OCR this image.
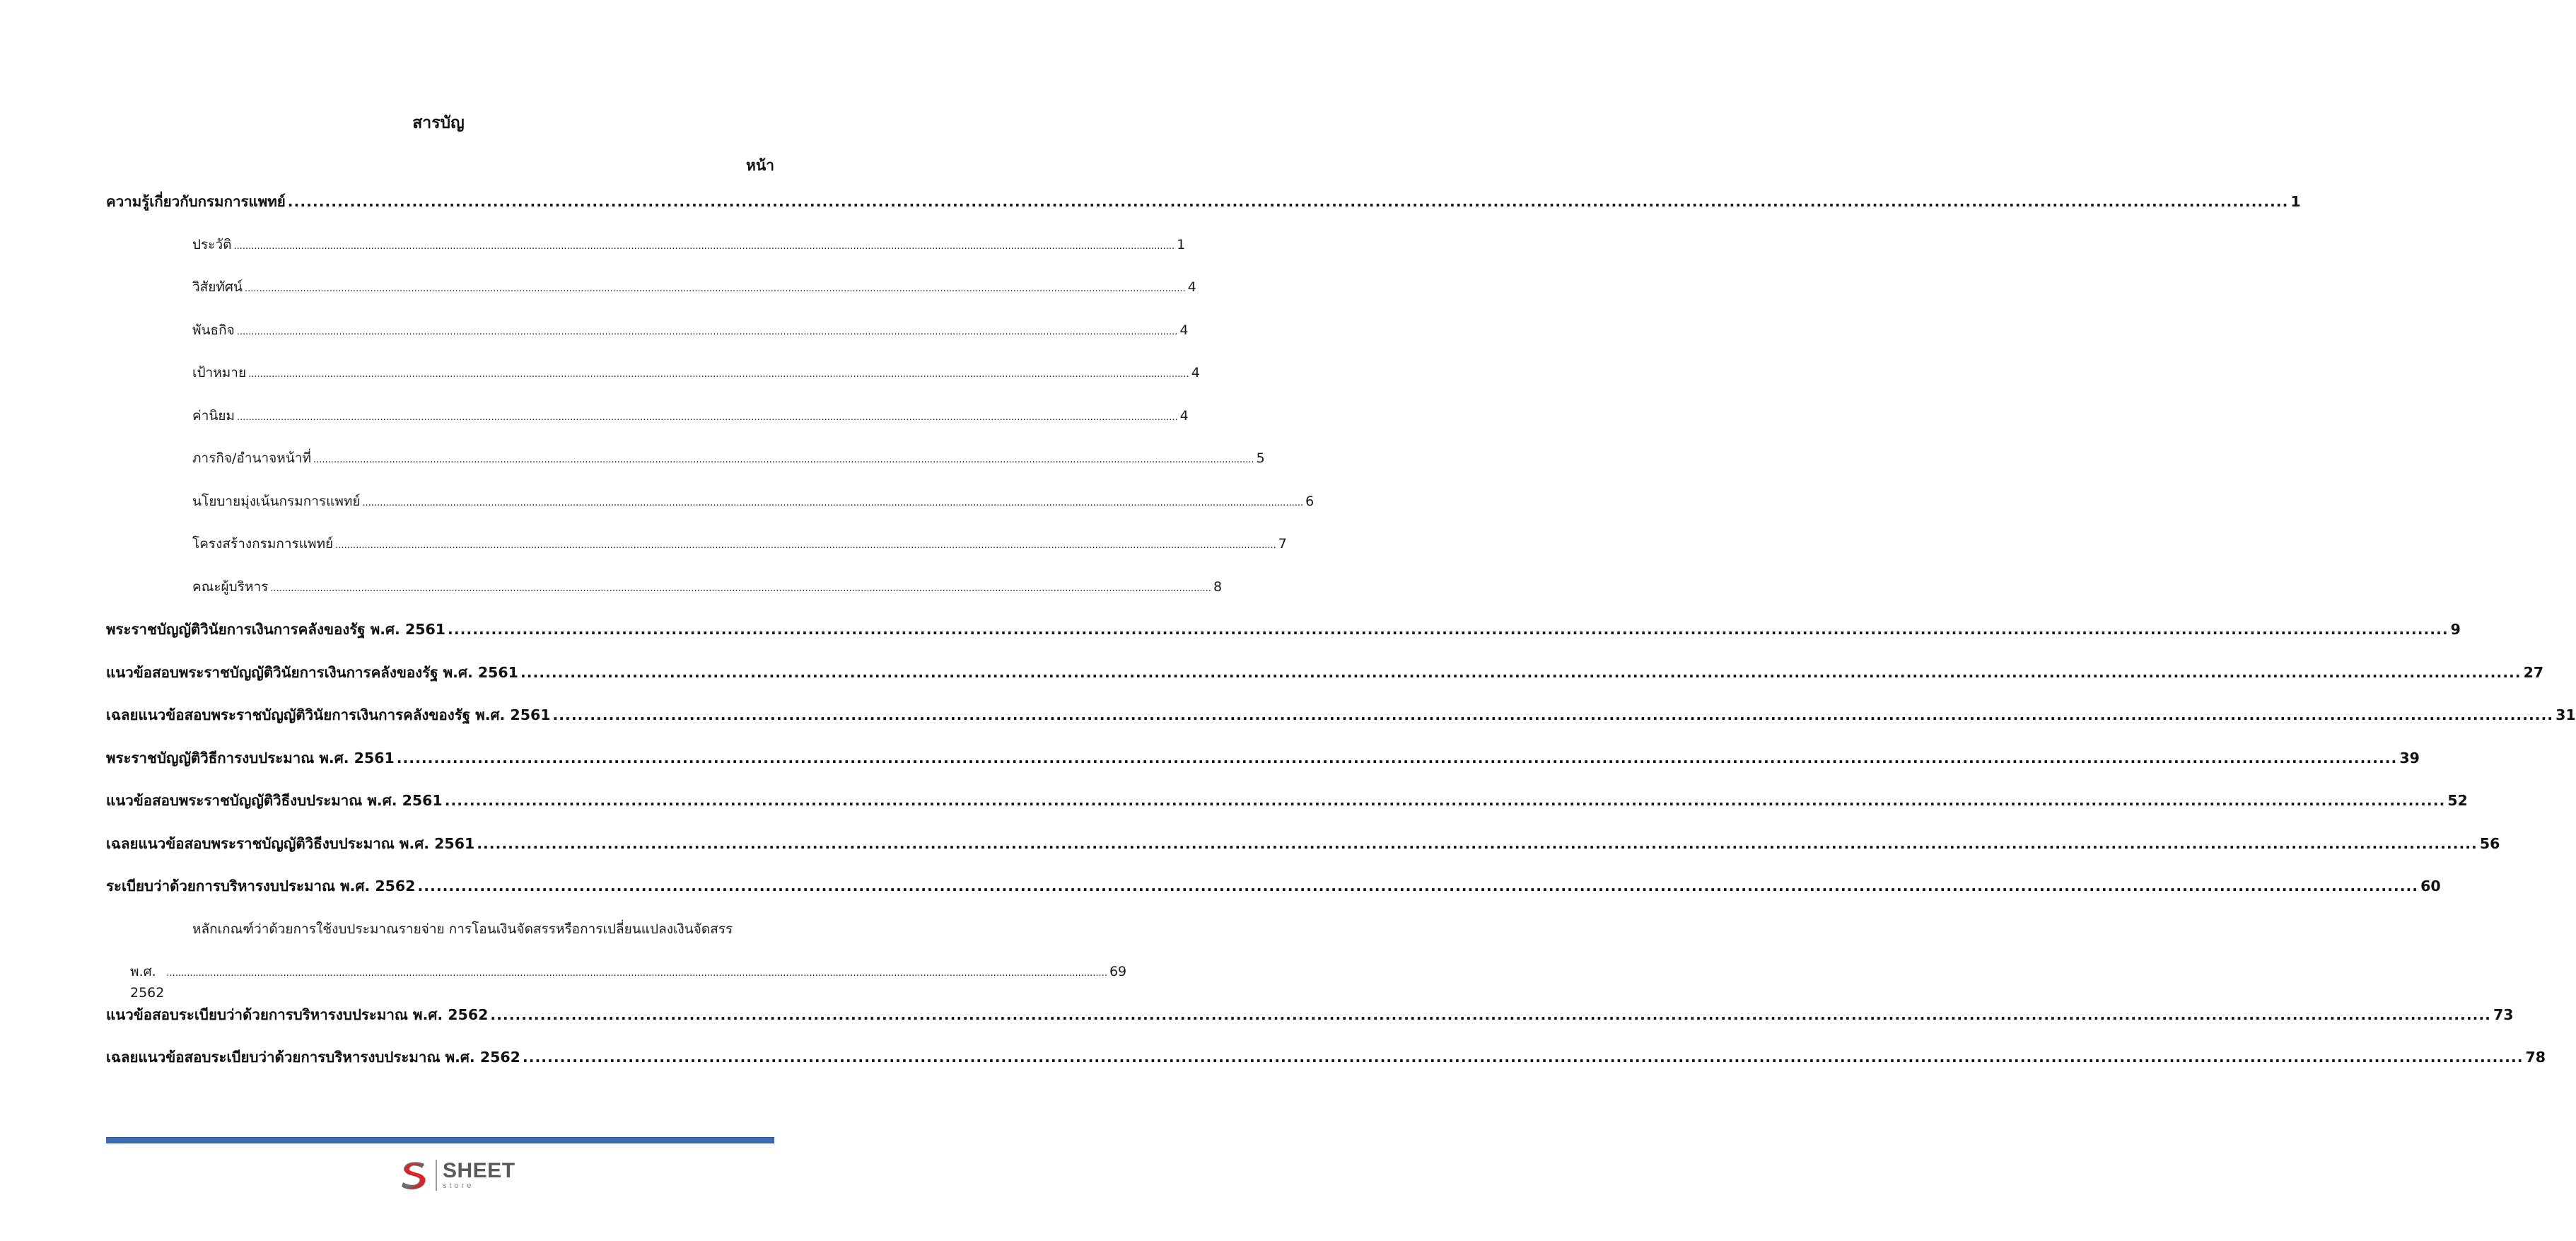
สารบัญ
หน้า
ความรู้เกี่ยวกับกรมการแพทย์ .................................................................................................................................................................................................................................................................................................................................. 1
ประวัติ .................................................................................................................................................................................................................................................................................................................................. 1
วิสัยทัศน์ .................................................................................................................................................................................................................................................................................................................................. 4
พันธกิจ .................................................................................................................................................................................................................................................................................................................................. 4
เป้าหมาย .................................................................................................................................................................................................................................................................................................................................. 4
ค่านิยม .................................................................................................................................................................................................................................................................................................................................. 4
ภารกิจ/อำนาจหน้าที่ .................................................................................................................................................................................................................................................................................................................................. 5
นโยบายมุ่งเน้นกรมการแพทย์ .................................................................................................................................................................................................................................................................................................................................. 6
โครงสร้างกรมการแพทย์ .................................................................................................................................................................................................................................................................................................................................. 7
คณะผู้บริหาร .................................................................................................................................................................................................................................................................................................................................. 8
พระราชบัญญัติวินัยการเงินการคลังของรัฐ พ.ศ. 2561 .................................................................................................................................................................................................................................................................................................................................. 9
แนวข้อสอบพระราชบัญญัติวินัยการเงินการคลังของรัฐ พ.ศ. 2561 .................................................................................................................................................................................................................................................................................................................................. 27
เฉลยแนวข้อสอบพระราชบัญญัติวินัยการเงินการคลังของรัฐ พ.ศ. 2561 .................................................................................................................................................................................................................................................................................................................................. 31
พระราชบัญญัติวิธีการงบประมาณ พ.ศ. 2561 .................................................................................................................................................................................................................................................................................................................................. 39
แนวข้อสอบพระราชบัญญัติวิธีงบประมาณ พ.ศ. 2561 .................................................................................................................................................................................................................................................................................................................................. 52
เฉลยแนวข้อสอบพระราชบัญญัติวิธีงบประมาณ พ.ศ. 2561 .................................................................................................................................................................................................................................................................................................................................. 56
ระเบียบว่าด้วยการบริหารงบประมาณ พ.ศ. 2562 .................................................................................................................................................................................................................................................................................................................................. 60
หลักเกณฑ์ว่าด้วยการใช้งบประมาณรายจ่าย การโอนเงินจัดสรรหรือการเปลี่ยนแปลงเงินจัดสรร
พ.ศ. 2562
.................................................................................................................................................................................................................................................................................................................................. 69
แนวข้อสอบระเบียบว่าด้วยการบริหารงบประมาณ พ.ศ. 2562 .................................................................................................................................................................................................................................................................................................................................. 73
เฉลยแนวข้อสอบระเบียบว่าด้วยการบริหารงบประมาณ พ.ศ. 2562 .................................................................................................................................................................................................................................................................................................................................. 78
SHEET
store
